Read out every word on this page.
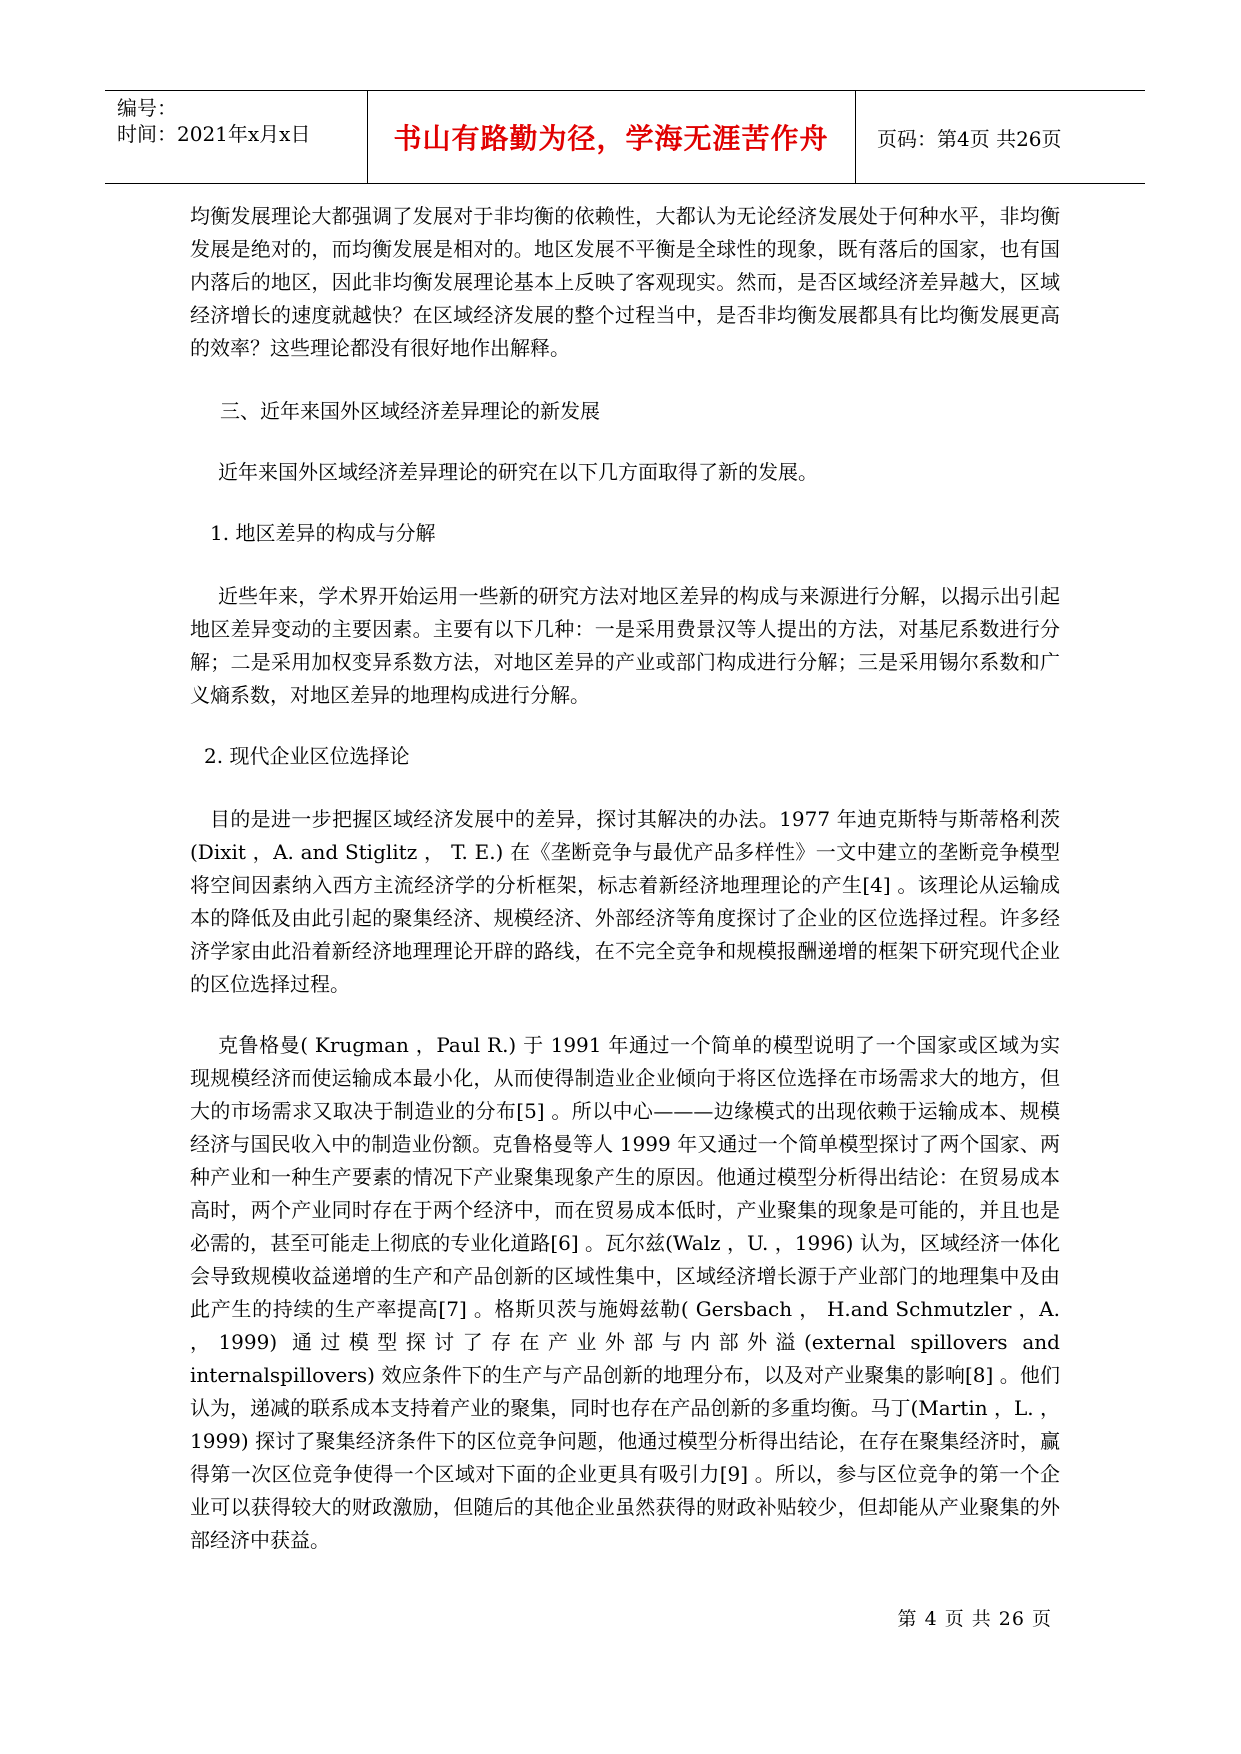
编号：
时间：2021年x月x日	书山有路勤为径，学海无涯苦作舟	页码：第4页 共26页

均衡发展理论大都强调了发展对于非均衡的依赖性，大都认为无论经济发展处于何种水平，非均衡发展是绝对的，而均衡发展是相对的。地区发展不平衡是全球性的现象，既有落后的国家，也有国内落后的地区，因此非均衡发展理论基本上反映了客观现实。然而，是否区域经济差异越大，区域经济增长的速度就越快？在区域经济发展的整个过程当中，是否非均衡发展都具有比均衡发展更高的效率？这些理论都没有很好地作出解释。

三、近年来国外区域经济差异理论的新发展

近年来国外区域经济差异理论的研究在以下几方面取得了新的发展。

1. 地区差异的构成与分解

近些年来，学术界开始运用一些新的研究方法对地区差异的构成与来源进行分解，以揭示出引起地区差异变动的主要因素。主要有以下几种：一是采用费景汉等人提出的方法，对基尼系数进行分解；二是采用加权变异系数方法，对地区差异的产业或部门构成进行分解；三是采用锡尔系数和广义熵系数，对地区差异的地理构成进行分解。

2. 现代企业区位选择论

目的是进一步把握区域经济发展中的差异，探讨其解决的办法。1977 年迪克斯特与斯蒂格利茨(Dixit ，A. and Stiglitz ， T. E.) 在《垄断竞争与最优产品多样性》一文中建立的垄断竞争模型将空间因素纳入西方主流经济学的分析框架，标志着新经济地理理论的产生[4] 。该理论从运输成本的降低及由此引起的聚集经济、规模经济、外部经济等角度探讨了企业的区位选择过程。许多经济学家由此沿着新经济地理理论开辟的路线，在不完全竞争和规模报酬递增的框架下研究现代企业的区位选择过程。

克鲁格曼( Krugman ，Paul R.) 于 1991 年通过一个简单的模型说明了一个国家或区域为实现规模经济而使运输成本最小化，从而使得制造业企业倾向于将区位选择在市场需求大的地方，但大的市场需求又取决于制造业的分布[5] 。所以中心———边缘模式的出现依赖于运输成本、规模经济与国民收入中的制造业份额。克鲁格曼等人 1999 年又通过一个简单模型探讨了两个国家、两种产业和一种生产要素的情况下产业聚集现象产生的原因。他通过模型分析得出结论：在贸易成本高时，两个产业同时存在于两个经济中，而在贸易成本低时，产业聚集的现象是可能的，并且也是必需的，甚至可能走上彻底的专业化道路[6] 。瓦尔兹(Walz ，U. ，1996) 认为，区域经济一体化会导致规模收益递增的生产和产品创新的区域性集中，区域经济增长源于产业部门的地理集中及由此产生的持续的生产率提高[7] 。格斯贝茨与施姆兹勒( Gersbach ， H.and Schmutzler ，A. ，1999) 通过模型探讨了存在产业外部与内部外溢(external spillovers and internalspillovers) 效应条件下的生产与产品创新的地理分布，以及对产业聚集的影响[8] 。他们认为，递减的联系成本支持着产业的聚集，同时也存在产品创新的多重均衡。马丁(Martin ，L. ，1999) 探讨了聚集经济条件下的区位竞争问题，他通过模型分析得出结论，在存在聚集经济时，赢得第一次区位竞争使得一个区域对下面的企业更具有吸引力[9] 。所以，参与区位竞争的第一个企业可以获得较大的财政激励，但随后的其他企业虽然获得的财政补贴较少，但却能从产业聚集的外部经济中获益。

第 4 页 共 26 页
